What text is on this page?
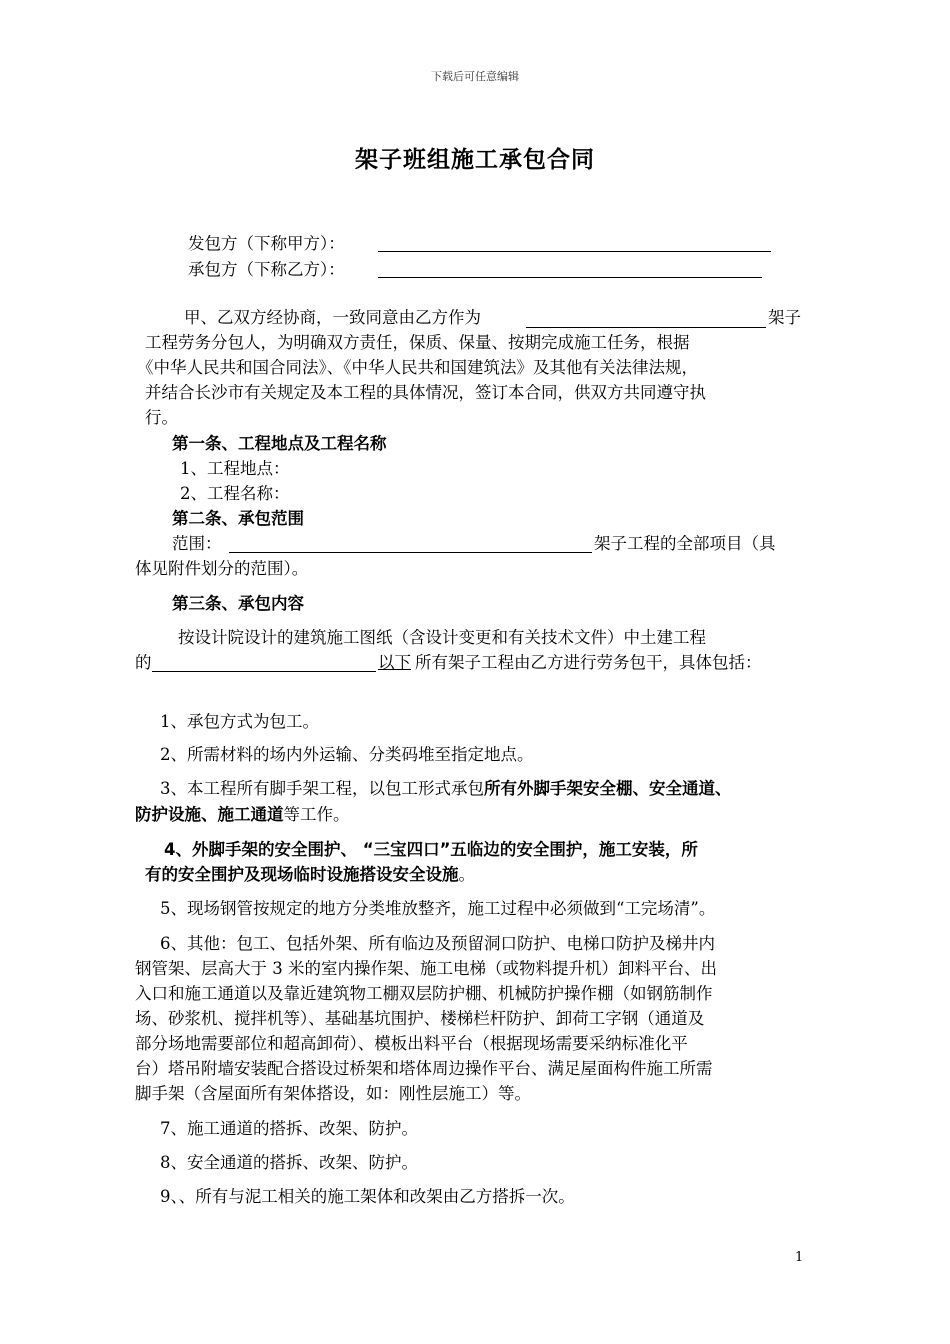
下载后可任意编辑
架子班组施工承包合同
发包方（下称甲方）：
承包方（下称乙方）：
甲、乙双方经协商，一致同意由乙方作为	架子
工程劳务分包人，为明确双方责任，保质、保量、按期完成施工任务，根据
《中华人民共和国合同法》、《中华人民共和国建筑法》及其他有关法律法规，
并结合长沙市有关规定及本工程的具体情况，签订本合同，供双方共同遵守执
行。
第一条、工程地点及工程名称
1、工程地点：
2、工程名称：
第二条、承包范围
范围：	架子工程的全部项目（具
体见附件划分的范围）。
第三条、承包内容
按设计院设计的建筑施工图纸（含设计变更和有关技术文件）中土建工程
的	以下 所有架子工程由乙方进行劳务包干，具体包括：
1、承包方式为包工。
2、所需材料的场内外运输、分类码堆至指定地点。
3、本工程所有脚手架工程，以包工形式承包所有外脚手架安全棚、安全通道、
防护设施、施工通道等工作。
4、外脚手架的安全围护、 “三宝四口”五临边的安全围护，施工安装，所
有的安全围护及现场临时设施搭设安全设施。
5、现场钢管按规定的地方分类堆放整齐，施工过程中必须做到“工完场清”。
6、其他：包工、包括外架、所有临边及预留洞口防护、电梯口防护及梯井内
钢管架、层高大于 3 米的室内操作架、施工电梯（或物料提升机）卸料平台、出
入口和施工通道以及靠近建筑物工棚双层防护棚、机械防护操作棚（如钢筋制作
场、砂浆机、搅拌机等）、基础基坑围护、楼梯栏杆防护、卸荷工字钢（通道及
部分场地需要部位和超高卸荷）、模板出料平台（根据现场需要采纳标准化平
台）塔吊附墙安装配合搭设过桥架和塔体周边操作平台、满足屋面构件施工所需
脚手架（含屋面所有架体搭设，如：刚性层施工）等。
7、施工通道的搭拆、改架、防护。
8、安全通道的搭拆、改架、防护。
9、、所有与泥工相关的施工架体和改架由乙方搭拆一次。
1
